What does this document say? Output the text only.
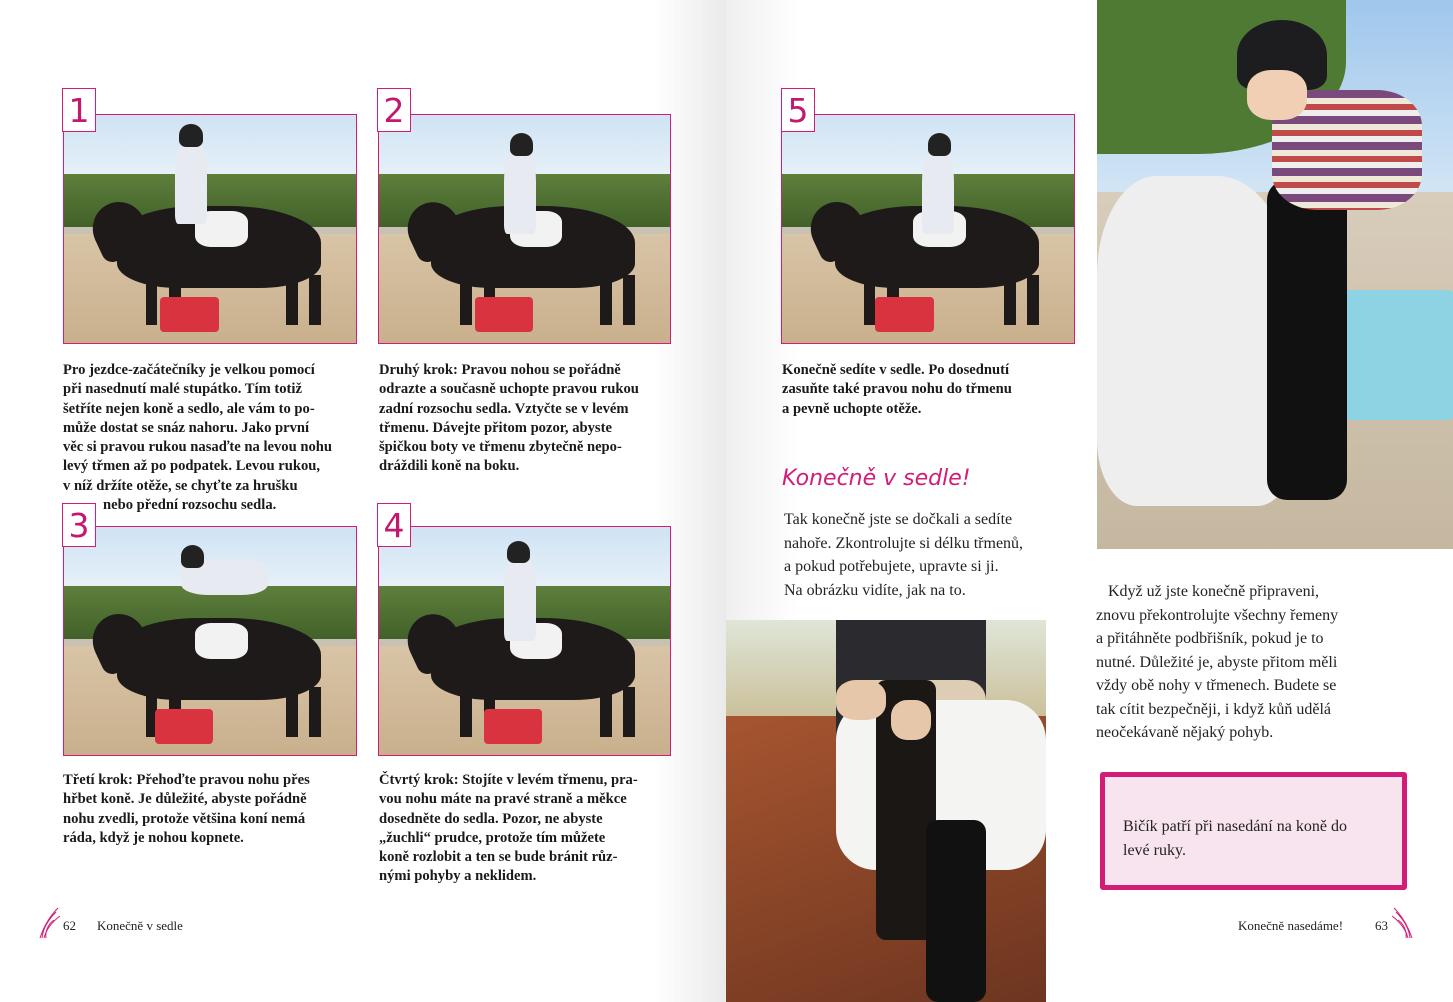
1
Pro jezdce-začátečníky je velkou pomocí
při nasednutí malé stupátko. Tím totiž
šetříte nejen koně a sedlo, ale vám to po-
může dostat se snáz nahoru. Jako první
věc si pravou rukou nasaďte na levou nohu
levý třmen až po podpatek. Levou rukou,
v níž držíte otěže, se chyťte za hrušku
nebo přední rozsochu sedla.
2
Druhý krok: Pravou nohou se pořádně
odrazte a současně uchopte pravou rukou
zadní rozsochu sedla. Vztyčte se v levém
třmenu. Dávejte přitom pozor, abyste
špičkou boty ve třmenu zbytečně nepo-
dráždili koně na boku.
3
Třetí krok: Přehoďte pravou nohu přes
hřbet koně. Je důležité, abyste pořádně
nohu zvedli, protože většina koní nemá
ráda, když je nohou kopnete.
4
Čtvrtý krok: Stojíte v levém třmenu, pra-
vou nohu máte na pravé straně a měkce
dosedněte do sedla. Pozor, ne abyste
„žuchli“ prudce, protože tím můžete
koně rozlobit a ten se bude bránit růz-
nými pohyby a neklidem.
62 Konečně v sedle
5
Konečně sedíte v sedle. Po dosednutí
zasuňte také pravou nohu do třmenu
a pevně uchopte otěže.
Konečně v sedle!
Tak konečně jste se dočkali a sedíte
nahoře. Zkontrolujte si délku třmenů,
a pokud potřebujete, upravte si ji.
Na obrázku vidíte, jak na to.	Když už jste konečně připraveni,
znovu překontrolujte všechny řemeny
a přitáhněte podbřišník, pokud je to
nutné. Důležité je, abyste přitom měli
vždy obě nohy v třmenech. Budete se
tak cítit bezpečněji, i když kůň udělá
neočekávaně nějaký pohyb.
Konečně nasedáme! 63
Bičík patří při nasedání na koně do
levé ruky.
